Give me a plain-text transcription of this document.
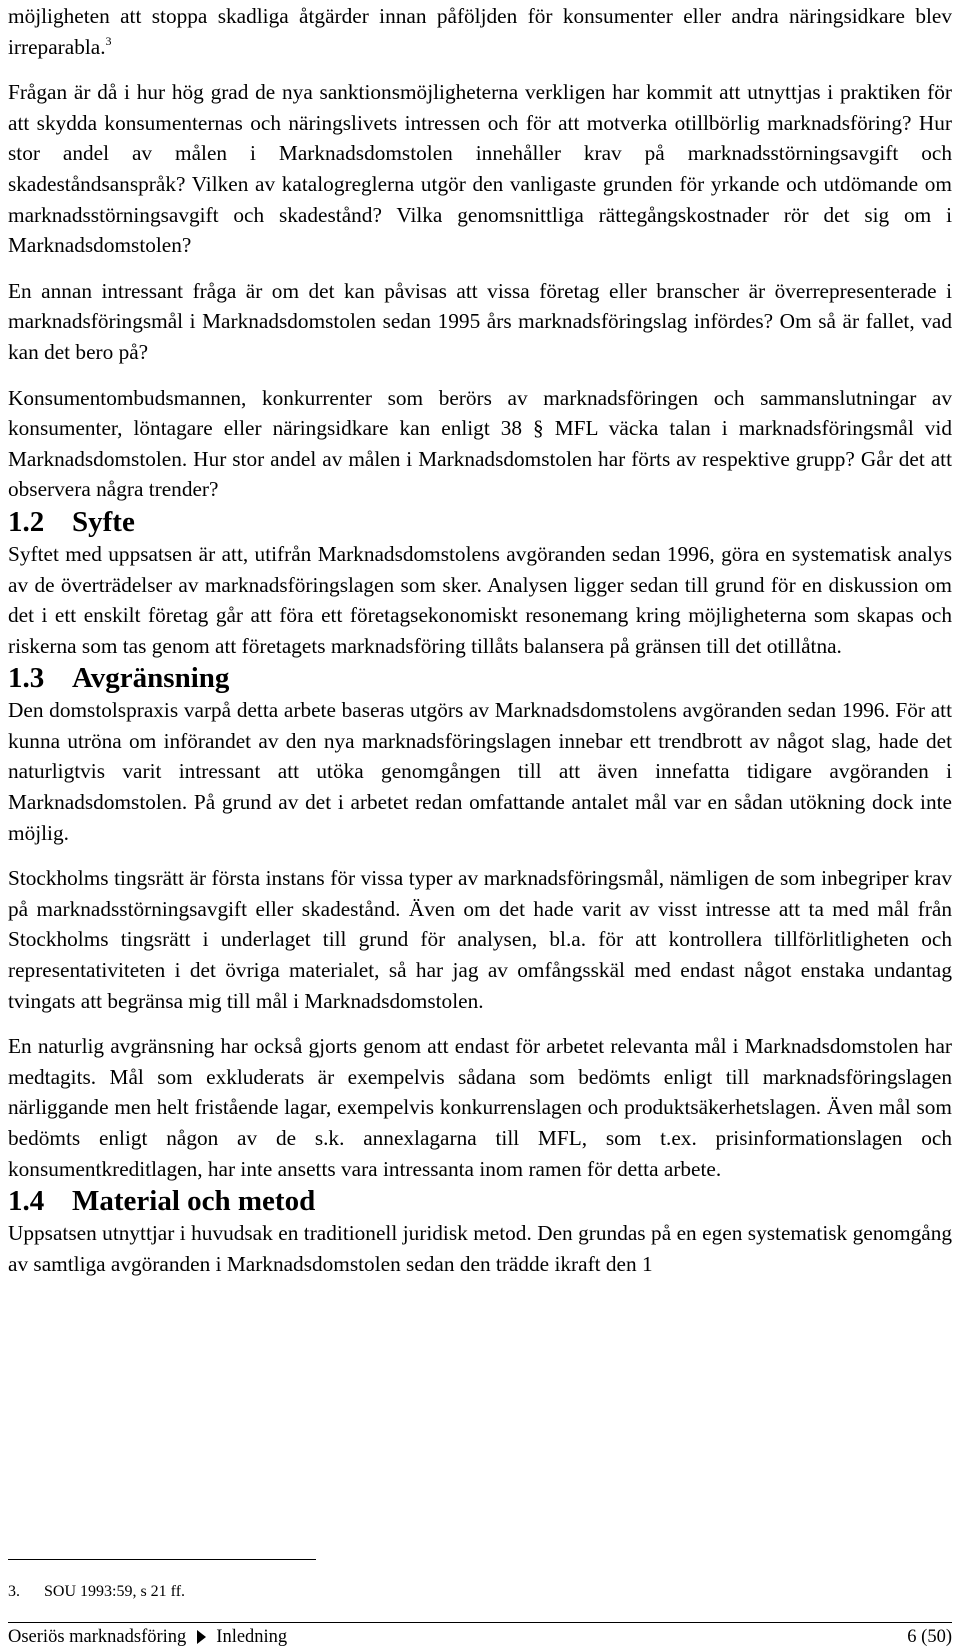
möjligheten att stoppa skadliga åtgärder innan påföljden för konsumenter eller andra näringsidkare blev irreparabla.$^3$

Frågan är då i hur hög grad de nya sanktionsmöjligheterna verkligen har kommit att utnyttjas i praktiken för att skydda konsumenternas och näringslivets intressen och för att motverka otillbörlig marknadsföring? Hur stor andel av målen i Marknadsdomstolen innehåller krav på marknadsstörningsavgift och skadeståndsanspråk? Vilken av katalogreglerna utgör den vanligaste grunden för yrkande och utdömande om marknadsstörningsavgift och skadestånd? Vilka genomsnittliga rättegångskostnader rör det sig om i Marknadsdomstolen?

En annan intressant fråga är om det kan påvisas att vissa företag eller branscher är överrepresenterade i marknadsföringsmål i Marknadsdomstolen sedan 1995 års marknadsföringslag infördes? Om så är fallet, vad kan det bero på?

Konsumentombudsmannen, konkurrenter som berörs av marknadsföringen och sammanslutningar av konsumenter, löntagare eller näringsidkare kan enligt 38 § MFL väcka talan i marknadsföringsmål vid Marknadsdomstolen. Hur stor andel av målen i Marknadsdomstolen har förts av respektive grupp? Går det att observera några trender?

1.2 Syfte

Syftet med uppsatsen är att, utifrån Marknadsdomstolens avgöranden sedan 1996, göra en systematisk analys av de överträdelser av marknadsföringslagen som sker. Analysen ligger sedan till grund för en diskussion om det i ett enskilt företag går att föra ett företagsekonomiskt resonemang kring möjligheterna som skapas och riskerna som tas genom att företagets marknadsföring tillåts balansera på gränsen till det otillåtna.

1.3 Avgränsning

Den domstolspraxis varpå detta arbete baseras utgörs av Marknadsdomstolens avgöranden sedan 1996. För att kunna utröna om införandet av den nya marknadsföringslagen innebar ett trendbrott av något slag, hade det naturligtvis varit intressant att utöka genomgången till att även innefatta tidigare avgöranden i Marknadsdomstolen. På grund av det i arbetet redan omfattande antalet mål var en sådan utökning dock inte möjlig.

Stockholms tingsrätt är första instans för vissa typer av marknadsföringsmål, nämligen de som inbegriper krav på marknadsstörningsavgift eller skadestånd. Även om det hade varit av visst intresse att ta med mål från Stockholms tingsrätt i underlaget till grund för analysen, bl.a. för att kontrollera tillförlitligheten och representativiteten i det övriga materialet, så har jag av omfångsskäl med endast något enstaka undantag tvingats att begränsa mig till mål i Marknadsdomstolen.

En naturlig avgränsning har också gjorts genom att endast för arbetet relevanta mål i Marknadsdomstolen har medtagits. Mål som exkluderats är exempelvis sådana som bedömts enligt till marknadsföringslagen närliggande men helt fristående lagar, exempelvis konkurrenslagen och produktsäkerhetslagen. Även mål som bedömts enligt någon av de s.k. annexlagarna till MFL, som t.ex. prisinformationslagen och konsumentkreditlagen, har inte ansetts vara intressanta inom ramen för detta arbete.

1.4 Material och metod

Uppsatsen utnyttjar i huvudsak en traditionell juridisk metod. Den grundas på en egen systematisk genomgång av samtliga avgöranden i Marknadsdomstolen sedan den trädde ikraft den 1

3. SOU 1993:59, s 21 ff.
Oseriös marknadsföring Inledning	6 (50)
